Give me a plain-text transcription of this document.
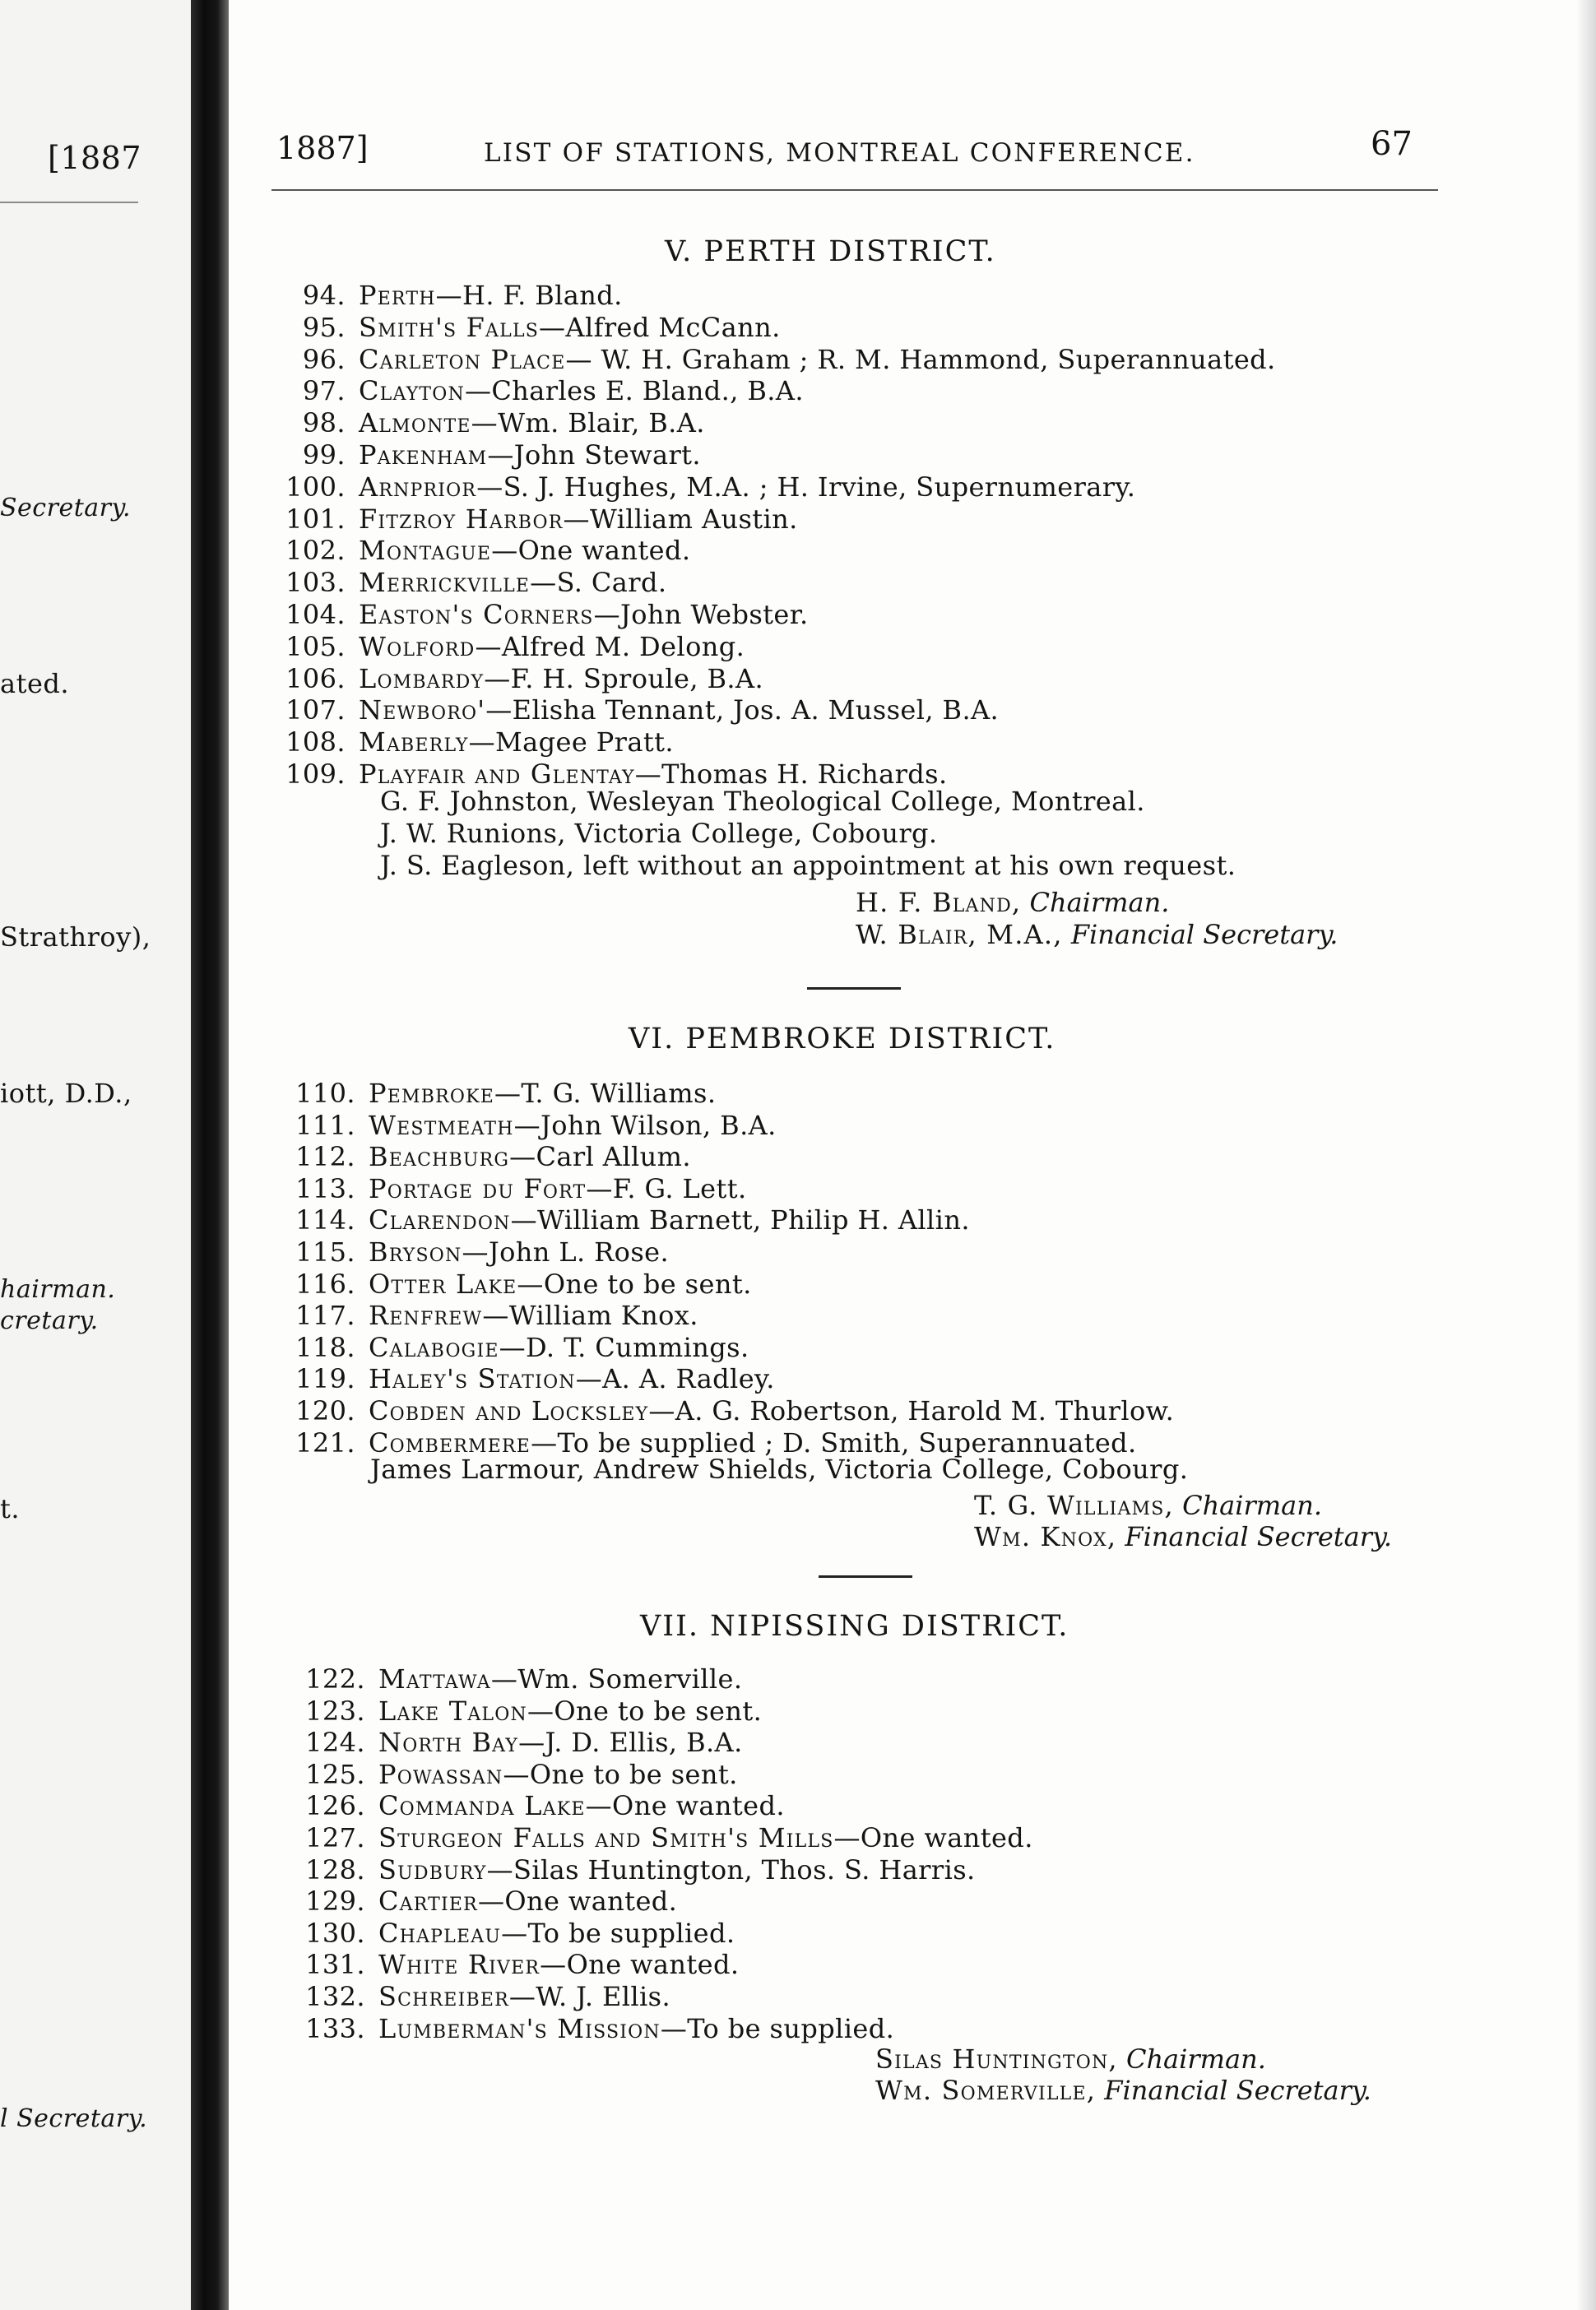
[1887
Secretary.
ated.
Strathroy),
iott, D.D.,
hairman.
cretary.
t.
l Secretary.
1887]	LIST OF STATIONS, MONTREAL CONFERENCE.	67
V. PERTH DISTRICT.
94. Perth—H. F. Bland.
95. Smith's Falls—Alfred McCann.
96. Carleton Place— W. H. Graham ; R. M. Hammond, Superannuated.
97. Clayton—Charles E. Bland., B.A.
98. Almonte—Wm. Blair, B.A.
99. Pakenham—John Stewart.
100. Arnprior—S. J. Hughes, M.A. ; H. Irvine, Supernumerary.
101. Fitzroy Harbor—William Austin.
102. Montague—One wanted.
103. Merrickville—S. Card.
104. Easton's Corners—John Webster.
105. Wolford—Alfred M. Delong.
106. Lombardy—F. H. Sproule, B.A.
107. Newboro'—Elisha Tennant, Jos. A. Mussel, B.A.
108. Maberly—Magee Pratt.
109. Playfair and Glentay—Thomas H. Richards.
G. F. Johnston, Wesleyan Theological College, Montreal.
J. W. Runions, Victoria College, Cobourg.
J. S. Eagleson, left without an appointment at his own request.
H. F. Bland, Chairman.
W. Blair, M.A., Financial Secretary.
VI. PEMBROKE DISTRICT.
110. Pembroke—T. G. Williams.
111. Westmeath—John Wilson, B.A.
112. Beachburg—Carl Allum.
113. Portage du Fort—F. G. Lett.
114. Clarendon—William Barnett, Philip H. Allin.
115. Bryson—John L. Rose.
116. Otter Lake—One to be sent.
117. Renfrew—William Knox.
118. Calabogie—D. T. Cummings.
119. Haley's Station—A. A. Radley.
120. Cobden and Locksley—A. G. Robertson, Harold M. Thurlow.
121. Combermere—To be supplied ; D. Smith, Superannuated.
James Larmour, Andrew Shields, Victoria College, Cobourg.
T. G. Williams, Chairman.
Wm. Knox, Financial Secretary.
VII. NIPISSING DISTRICT.
122. Mattawa—Wm. Somerville.
123. Lake Talon—One to be sent.
124. North Bay—J. D. Ellis, B.A.
125. Powassan—One to be sent.
126. Commanda Lake—One wanted.
127. Sturgeon Falls and Smith's Mills—One wanted.
128. Sudbury—Silas Huntington, Thos. S. Harris.
129. Cartier—One wanted.
130. Chapleau—To be supplied.
131. White River—One wanted.
132. Schreiber—W. J. Ellis.
133. Lumberman's Mission—To be supplied.
Silas Huntington, Chairman.
Wm. Somerville, Financial Secretary.
